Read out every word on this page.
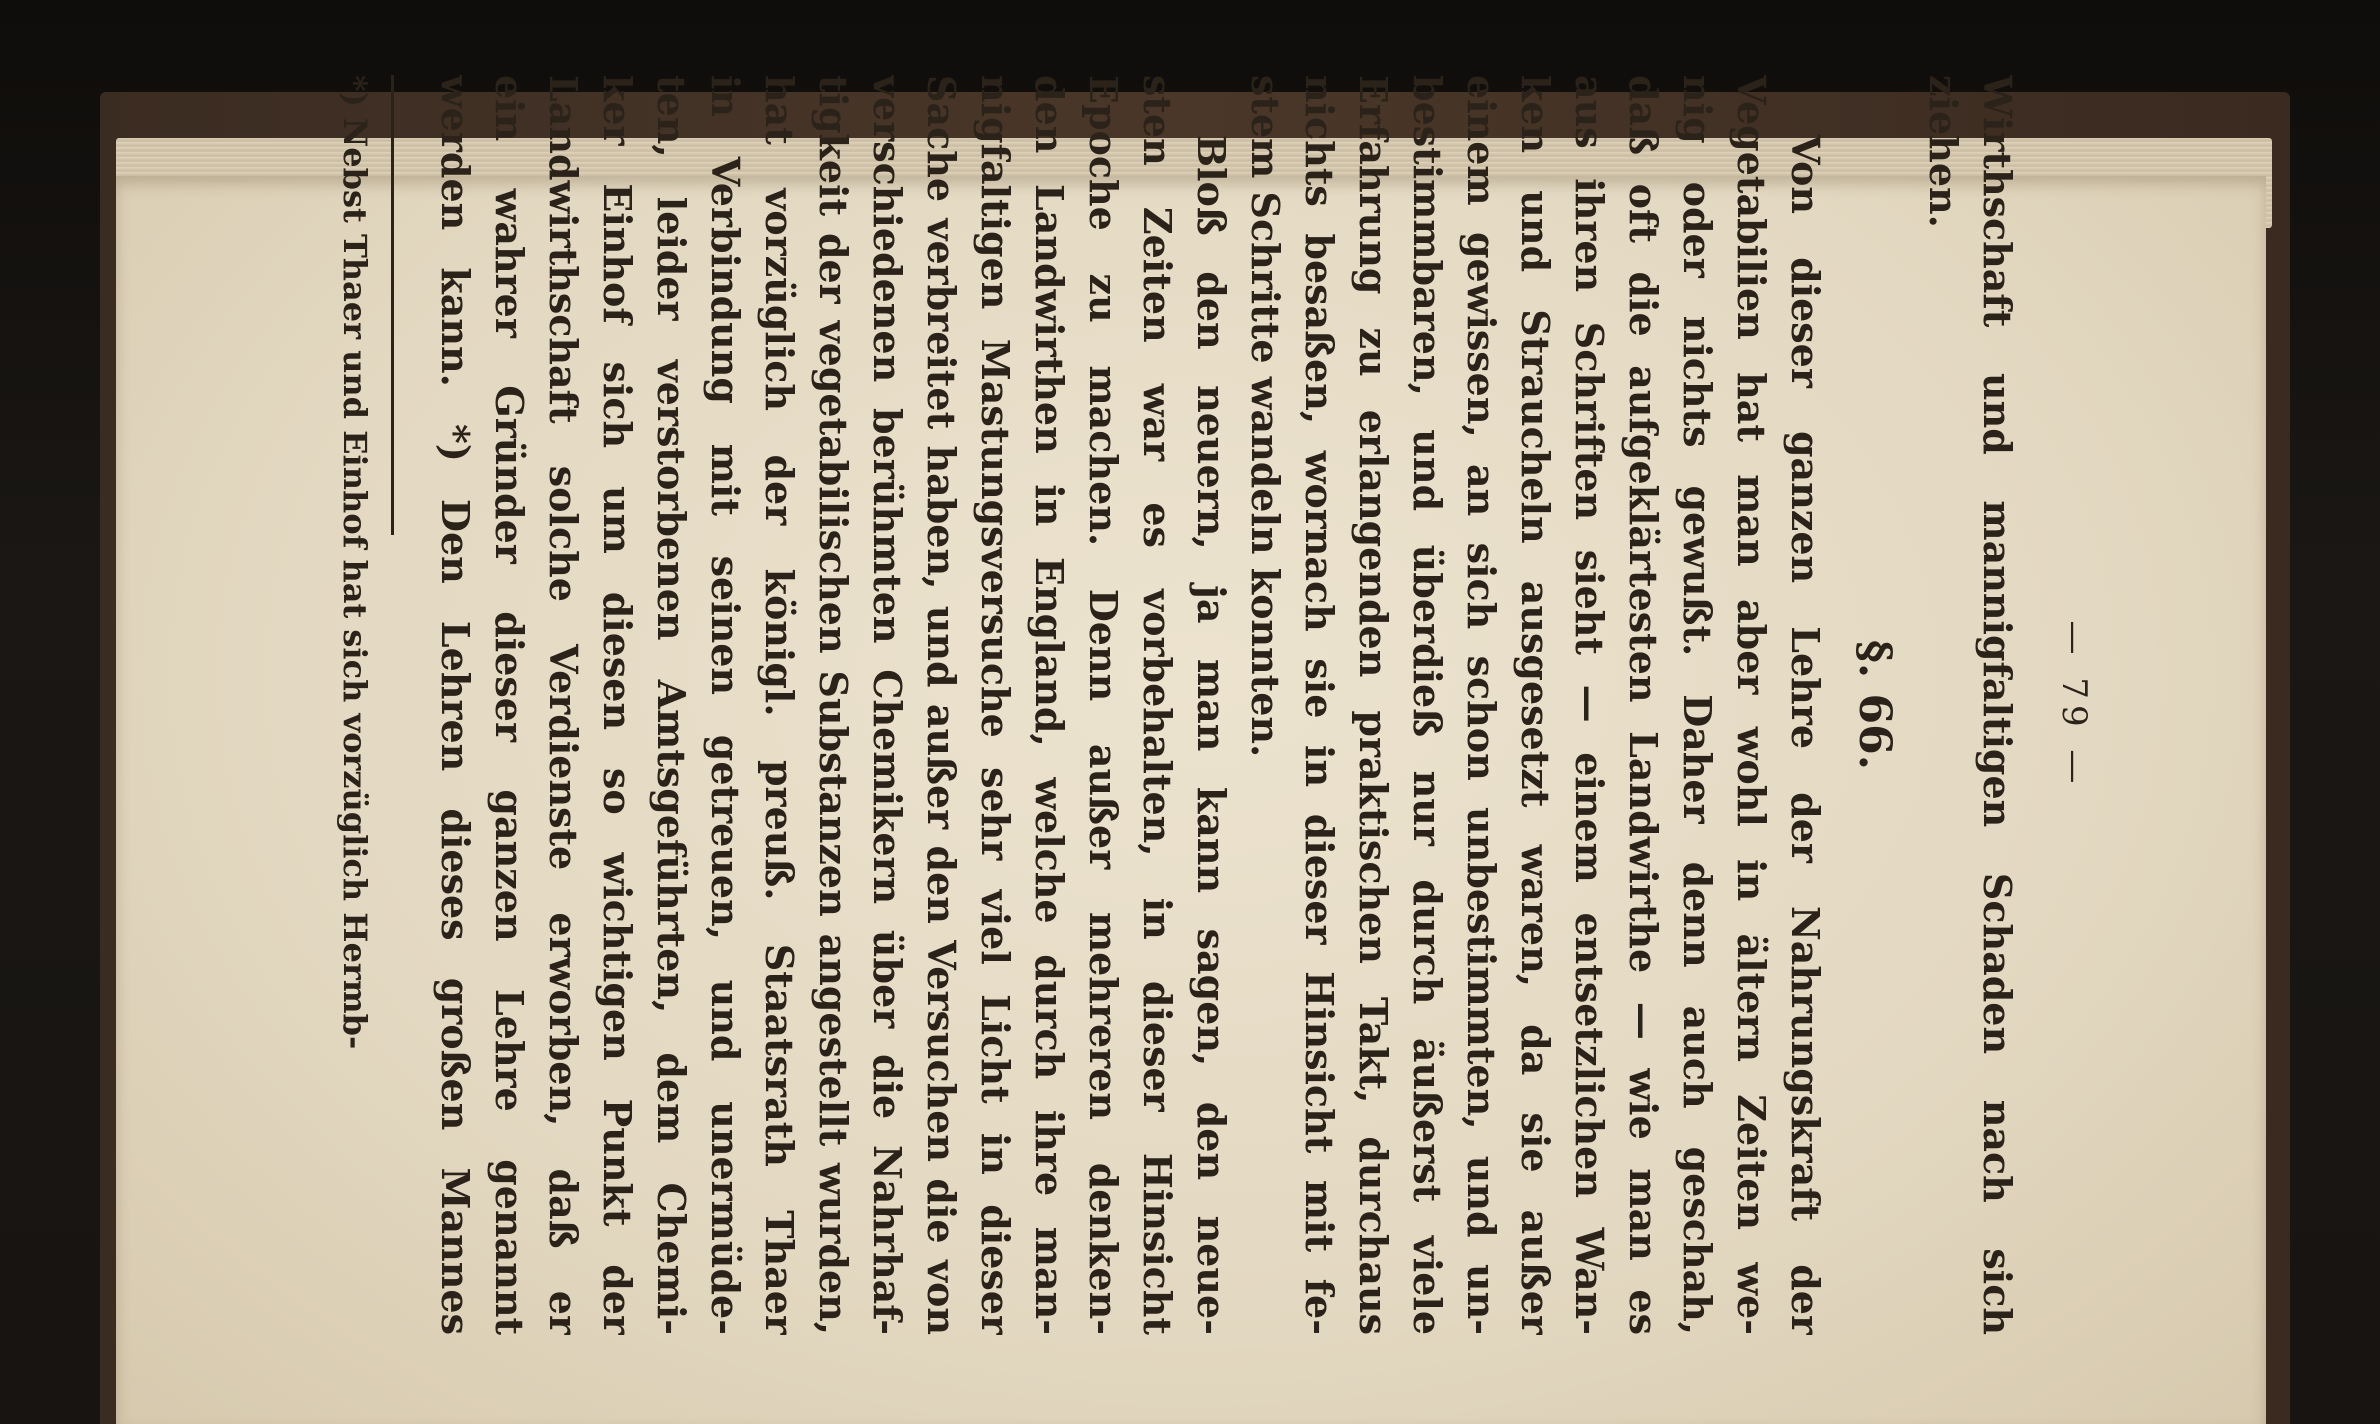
— 79 —
Wirthschaft und mannigfaltigen Schaden nach sich
ziehen.
§. 66.
Von dieser ganzen Lehre der Nahrungskraft der
Vegetabilien hat man aber wohl in ältern Zeiten we-
nig oder nichts gewußt. Daher denn auch geschah,
daß oft die aufgeklärtesten Landwirthe — wie man es
aus ihren Schriften sieht — einem entsetzlichen Wan-
ken und Straucheln ausgesetzt waren, da sie außer
einem gewissen, an sich schon unbestimmten, und un-
bestimmbaren, und überdieß nur durch äußerst viele
Erfahrung zu erlangenden praktischen Takt, durchaus
nichts besaßen, wornach sie in dieser Hinsicht mit fe-
stem Schritte wandeln konnten.
Bloß den neuern, ja man kann sagen, den neue-
sten Zeiten war es vorbehalten, in dieser Hinsicht
Epoche zu machen. Denn außer mehreren denken-
den Landwirthen in England, welche durch ihre man-
nigfaltigen Mastungsversuche sehr viel Licht in dieser
Sache verbreitet haben, und außer den Versuchen die von
verschiedenen berühmten Chemikern über die Nahrhaf-
tigkeit der vegetabilischen Substanzen angestellt wurden,
hat vorzüglich der königl. preuß. Staatsrath Thaer
in Verbindung mit seinen getreuen, und unermüde-
ten, leider verstorbenen Amtsgeführten, dem Chemi-
ker Einhof sich um diesen so wichtigen Punkt der
Landwirthschaft solche Verdienste erworben, daß er
ein wahrer Gründer dieser ganzen Lehre genannt
werden kann. *) Den Lehren dieses großen Mannes
*) Nebst Thaer und Einhof hat sich vorzüglich Hermb-
